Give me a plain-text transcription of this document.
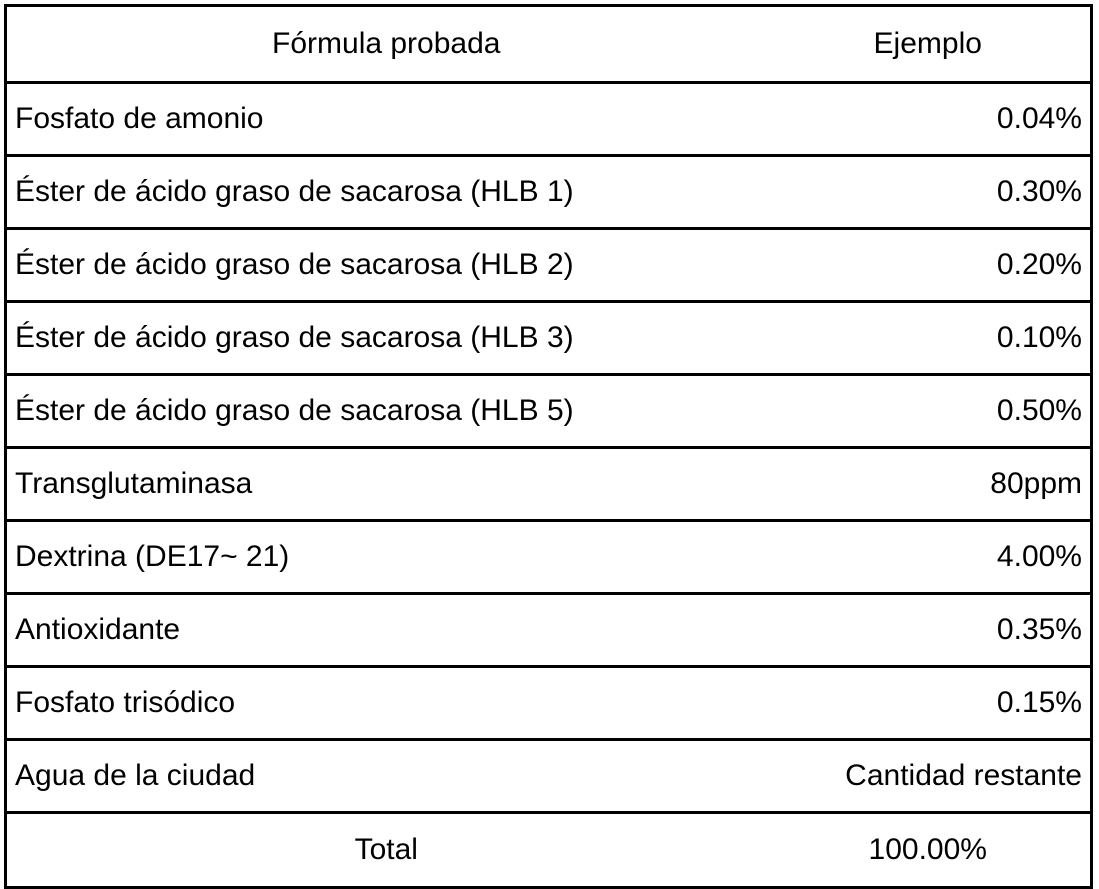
Fórmula probada	Ejemplo
Fosfato de amonio	0.04%
Éster de ácido graso de sacarosa (HLB 1)	0.30%
Éster de ácido graso de sacarosa (HLB 2)	0.20%
Éster de ácido graso de sacarosa (HLB 3)	0.10%
Éster de ácido graso de sacarosa (HLB 5)	0.50%
Transglutaminasa	80ppm
Dextrina (DE17~ 21)	4.00%
Antioxidante	0.35%
Fosfato trisódico	0.15%
Agua de la ciudad	Cantidad restante
Total	100.00%
